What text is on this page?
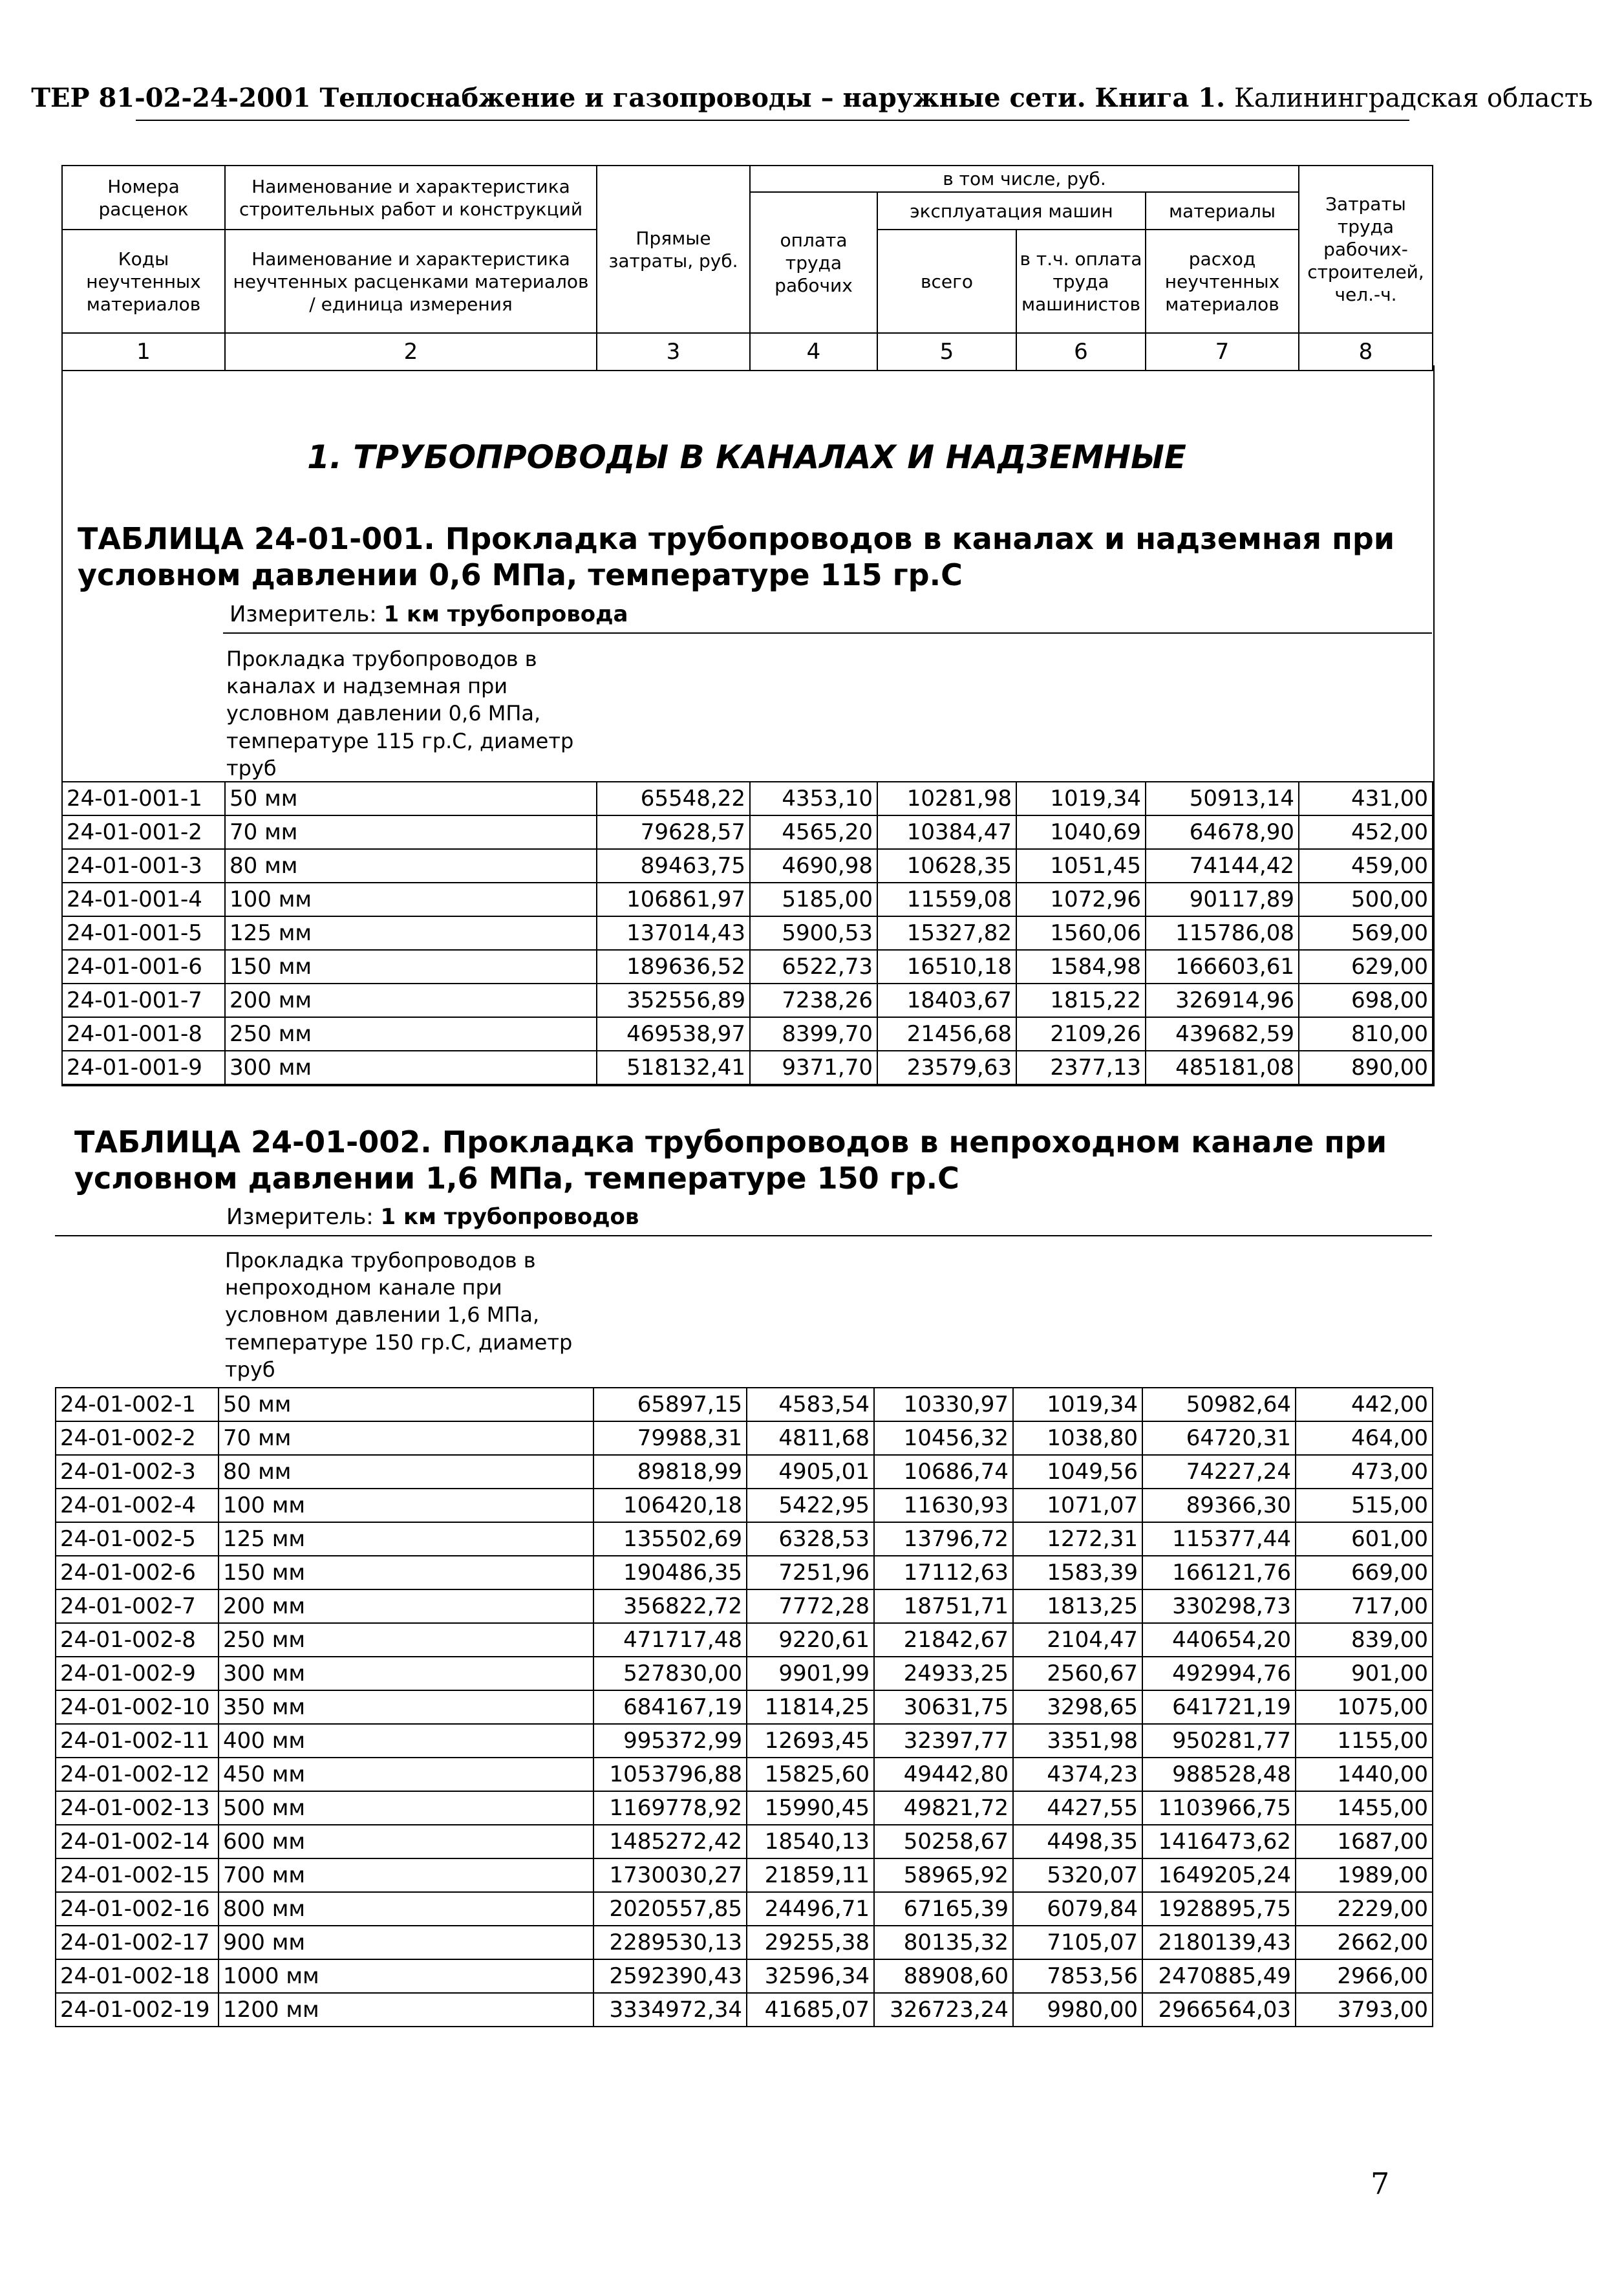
ТЕР 81-02-24-2001 Теплоснабжение и газопроводы – наружные сети. Книга 1. Калининградская область
Номера расценок	Наименование и характеристика строительных работ и конструкций	Прямые затраты, руб.	в том числе, руб.				Затраты труда рабочих-строителей, чел.-ч.
			оплата труда рабочих	эксплуатация машин		материалы	
Коды неучтенных материалов	Наименование и характеристика неучтенных расценками материалов / единица измерения			всего	в т.ч. оплата труда машинистов	расход неучтенных материалов	

1	2	3	4	5	6	7	8
1. ТРУБОПРОВОДЫ В КАНАЛАХ И НАДЗЕМНЫЕ
ТАБЛИЦА 24-01-001. Прокладка трубопроводов в каналах и надземная при условном давлении 0,6 МПа, температуре 115 гр.С
Измеритель: 1 км трубопровода
Прокладка трубопроводов в каналах и надземная при условном давлении 0,6 МПа, температуре 115 гр.С, диаметр труб
24-01-001-1	50 мм	65548,22	4353,10	10281,98	1019,34	50913,14	431,00
24-01-001-2	70 мм	79628,57	4565,20	10384,47	1040,69	64678,90	452,00
24-01-001-3	80 мм	89463,75	4690,98	10628,35	1051,45	74144,42	459,00
24-01-001-4	100 мм	106861,97	5185,00	11559,08	1072,96	90117,89	500,00
24-01-001-5	125 мм	137014,43	5900,53	15327,82	1560,06	115786,08	569,00
24-01-001-6	150 мм	189636,52	6522,73	16510,18	1584,98	166603,61	629,00
24-01-001-7	200 мм	352556,89	7238,26	18403,67	1815,22	326914,96	698,00
24-01-001-8	250 мм	469538,97	8399,70	21456,68	2109,26	439682,59	810,00
24-01-001-9	300 мм	518132,41	9371,70	23579,63	2377,13	485181,08	890,00
ТАБЛИЦА 24-01-002. Прокладка трубопроводов в непроходном канале при условном давлении 1,6 МПа, температуре 150 гр.С
Измеритель: 1 км трубопроводов
Прокладка трубопроводов в непроходном канале при условном давлении 1,6 МПа, температуре 150 гр.С, диаметр труб
24-01-002-1	50 мм	65897,15	4583,54	10330,97	1019,34	50982,64	442,00
24-01-002-2	70 мм	79988,31	4811,68	10456,32	1038,80	64720,31	464,00
24-01-002-3	80 мм	89818,99	4905,01	10686,74	1049,56	74227,24	473,00
24-01-002-4	100 мм	106420,18	5422,95	11630,93	1071,07	89366,30	515,00
24-01-002-5	125 мм	135502,69	6328,53	13796,72	1272,31	115377,44	601,00
24-01-002-6	150 мм	190486,35	7251,96	17112,63	1583,39	166121,76	669,00
24-01-002-7	200 мм	356822,72	7772,28	18751,71	1813,25	330298,73	717,00
24-01-002-8	250 мм	471717,48	9220,61	21842,67	2104,47	440654,20	839,00
24-01-002-9	300 мм	527830,00	9901,99	24933,25	2560,67	492994,76	901,00
24-01-002-10	350 мм	684167,19	11814,25	30631,75	3298,65	641721,19	1075,00
24-01-002-11	400 мм	995372,99	12693,45	32397,77	3351,98	950281,77	1155,00
24-01-002-12	450 мм	1053796,88	15825,60	49442,80	4374,23	988528,48	1440,00
24-01-002-13	500 мм	1169778,92	15990,45	49821,72	4427,55	1103966,75	1455,00
24-01-002-14	600 мм	1485272,42	18540,13	50258,67	4498,35	1416473,62	1687,00
24-01-002-15	700 мм	1730030,27	21859,11	58965,92	5320,07	1649205,24	1989,00
24-01-002-16	800 мм	2020557,85	24496,71	67165,39	6079,84	1928895,75	2229,00
24-01-002-17	900 мм	2289530,13	29255,38	80135,32	7105,07	2180139,43	2662,00
24-01-002-18	1000 мм	2592390,43	32596,34	88908,60	7853,56	2470885,49	2966,00
24-01-002-19	1200 мм	3334972,34	41685,07	326723,24	9980,00	2966564,03	3793,00
7
